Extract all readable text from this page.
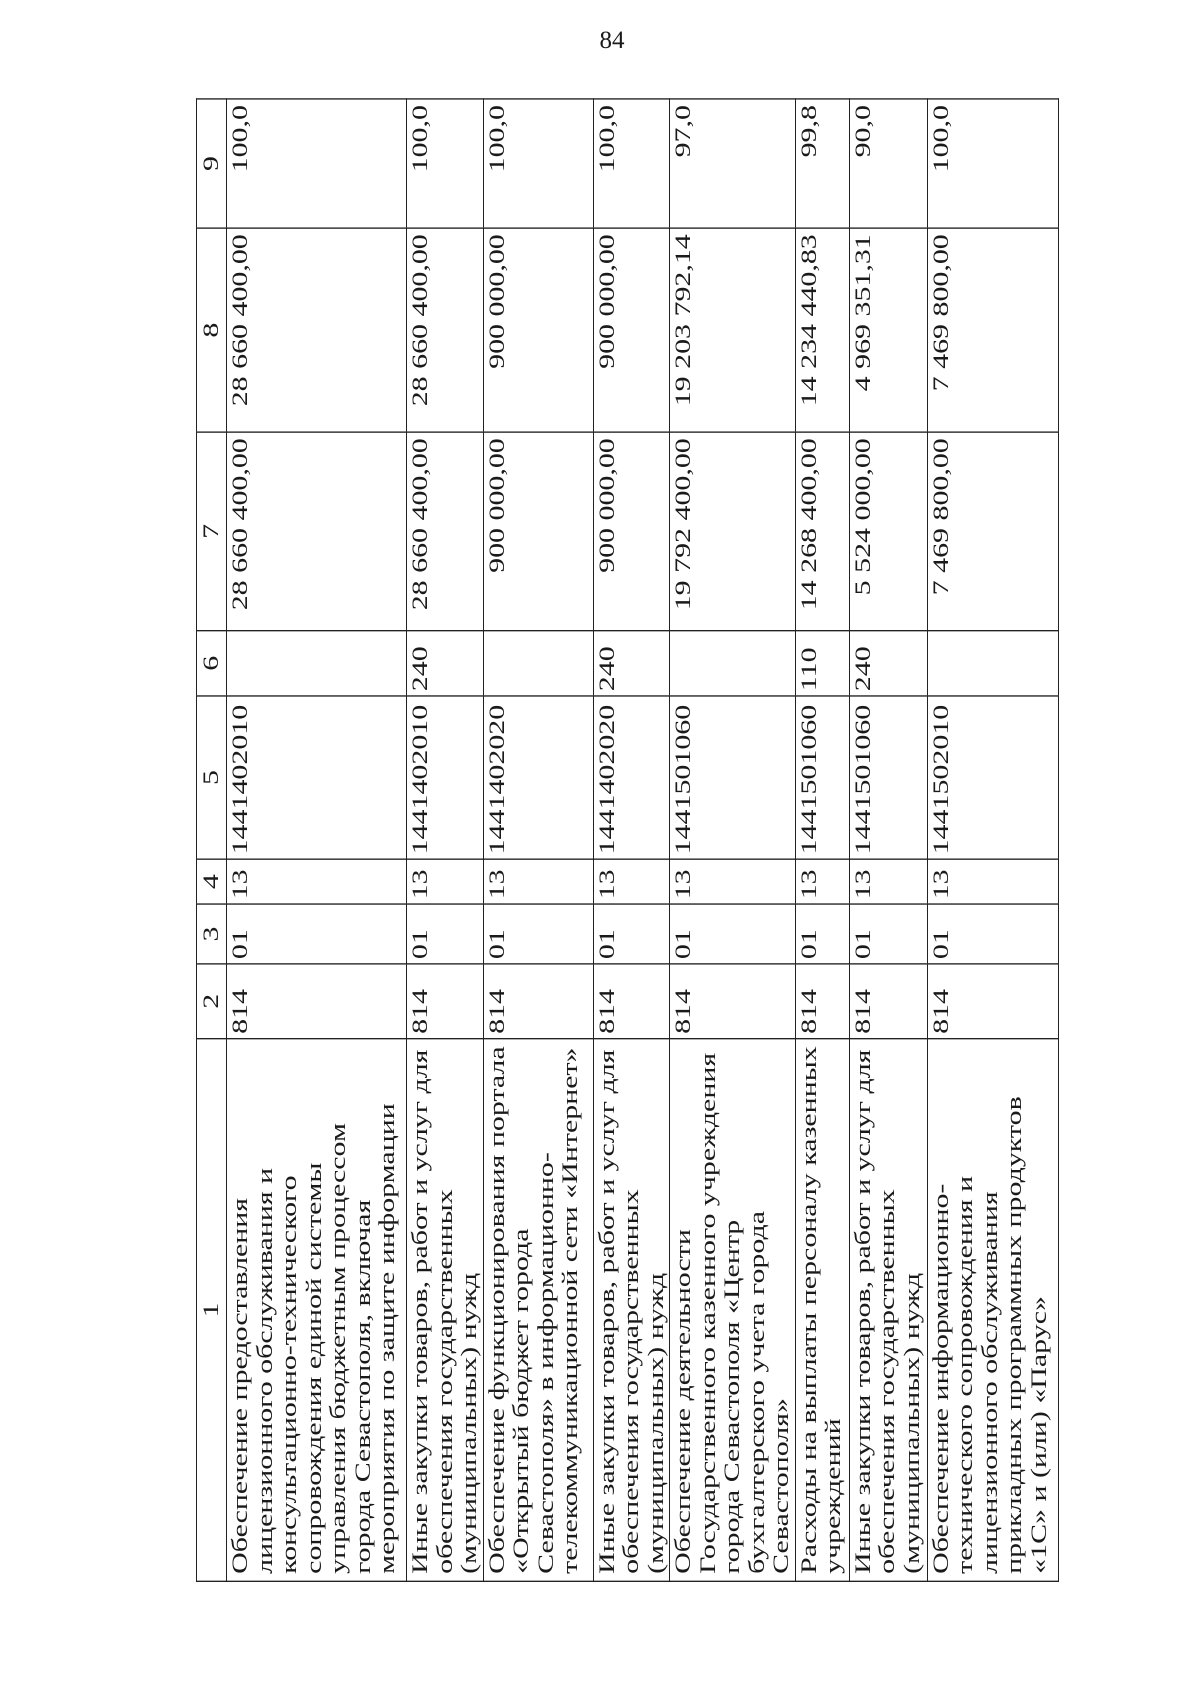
84
1	2	3	4	5	6	7	8	9
Обеспечение предоставления лицензионного обслуживания и консультационно-технического сопровождения единой системы управления бюджетным процессом города Севастополя, включая мероприятия по защите информации	814	01	13	1441402010		28 660 400,00	28 660 400,00	100,0
Иные закупки товаров, работ и услуг для обеспечения государственных (муниципальных) нужд	814	01	13	1441402010	240	28 660 400,00	28 660 400,00	100,0
Обеспечение функционирования портала «Открытый бюджет города Севастополя» в информационно-телекоммуникационной сети «Интернет»	814	01	13	1441402020		900 000,00	900 000,00	100,0
Иные закупки товаров, работ и услуг для обеспечения государственных (муниципальных) нужд	814	01	13	1441402020	240	900 000,00	900 000,00	100,0
Обеспечение деятельности Государственного казенного учреждения города Севастополя «Центр бухгалтерского учета города Севастополя»	814	01	13	1441501060		19 792 400,00	19 203 792,14	97,0
Расходы на выплаты персоналу казенных учреждений	814	01	13	1441501060	110	14 268 400,00	14 234 440,83	99,8
Иные закупки товаров, работ и услуг для обеспечения государственных (муниципальных) нужд	814	01	13	1441501060	240	5 524 000,00	4 969 351,31	90,0
Обеспечение информационно-технического сопровождения и лицензионного обслуживания прикладных программных продуктов «1С» и (или) «Парус»	814	01	13	1441502010		7 469 800,00	7 469 800,00	100,0
